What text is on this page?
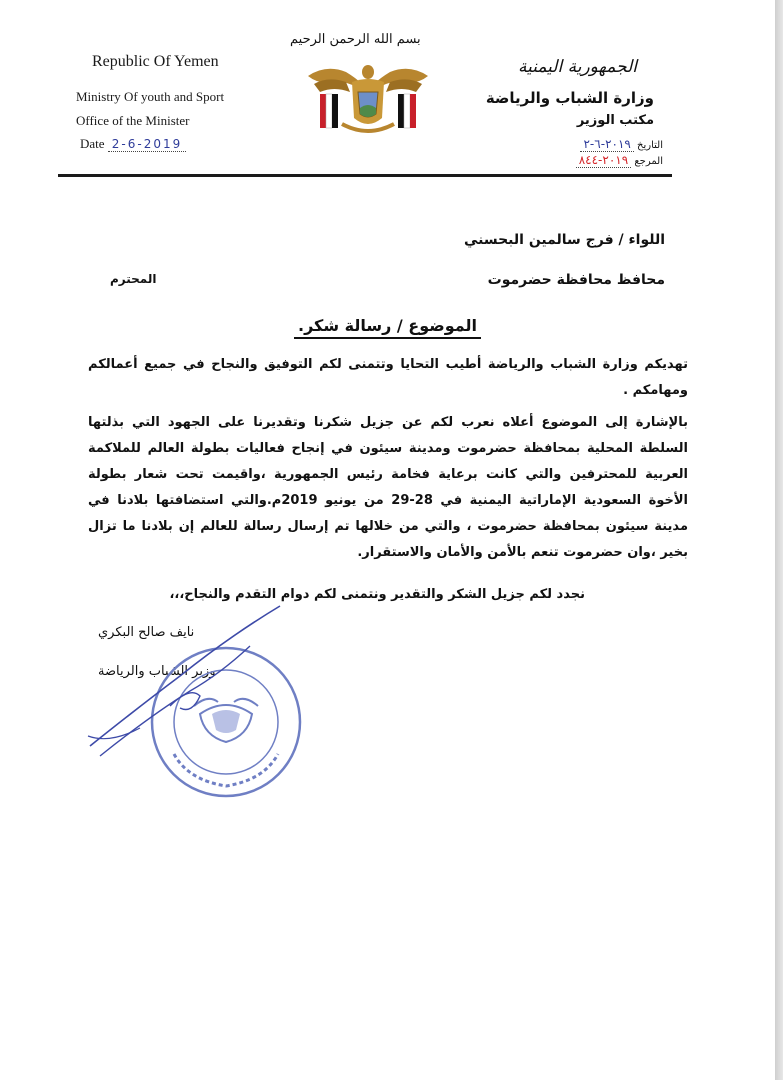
Republic Of Yemen
Ministry Of youth and Sport
Office of the Minister
Date 2-6-2019
بسم الله الرحمن الرحيم
الجمهورية اليمنية
وزارة الشباب والرياضة
مكتب الوزير
التاريخ ٢٠١٩-٦-٢
المرجع ٢٠١٩-٨٤٤
اللواء / فرج سالمين البحسني
محافظ محافظة حضرموت
المحترم
الموضوع / رسالة شكر.
تهديكم وزارة الشباب والرياضة أطيب التحايا وتتمنى لكم التوفيق والنجاح في جميع أعمالكم ومهامكم .
بالإشارة إلى الموضوع أعلاه نعرب لكم عن جزيل شكرنا وتقديرنا على الجهود التي بذلتها السلطة المحلية بمحافظة حضرموت ومدينة سيئون في إنجاح فعاليات بطولة العالم للملاكمة العربية للمحترفين والتي كانت برعاية فخامة رئيس الجمهورية ،واقيمت تحت شعار بطولة الأخوة السعودية الإماراتية اليمنية في 28-29 من يونيو 2019م.والتي استضافتها بلادنا في مدينة سيئون بمحافظة حضرموت ، والتي من خلالها تم إرسال رسالة للعالم إن بلادنا ما تزال بخير ،وان حضرموت تنعم بالأمن والأمان والاستقرار.
نجدد لكم جزيل الشكر والتقدير ونتمنى لكم دوام التقدم والنجاح،،،
نايف صالح البكري
وزير الشباب والرياضة
